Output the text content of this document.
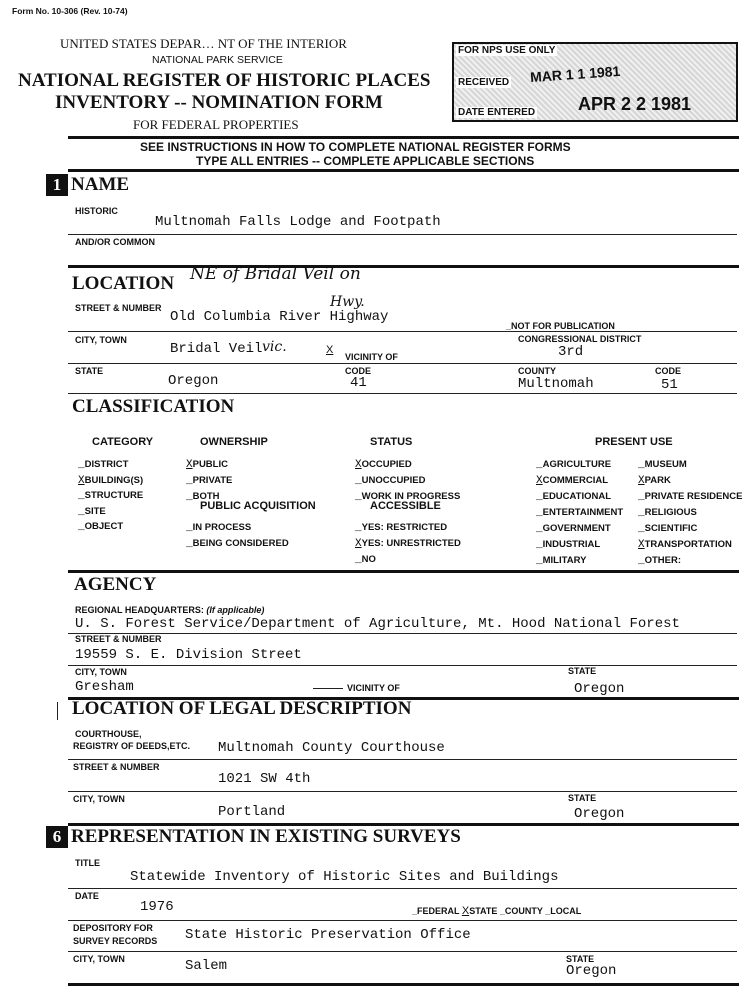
Form No. 10-306 (Rev. 10-74)
UNITED STATES DEPAR… NT OF THE INTERIOR
NATIONAL PARK SERVICE
NATIONAL REGISTER OF HISTORIC PLACES
INVENTORY -- NOMINATION FORM
FOR FEDERAL PROPERTIES
FOR NPS USE ONLY
RECEIVED MAR 1 1 1981
DATE ENTERED APR 2 2 1981
SEE INSTRUCTIONS IN HOW TO COMPLETE NATIONAL REGISTER FORMS
TYPE ALL ENTRIES -- COMPLETE APPLICABLE SECTIONS
1 NAME
HISTORIC
Multnomah Falls Lodge and Footpath
AND/OR COMMON
LOCATION NE of Bridal Veil on
Hwy.
STREET & NUMBER
Old Columbia River Highway
_NOT FOR PUBLICATION
CITY, TOWN
Bridal Veil vic.	X
VICINITY OF
CONGRESSIONAL DISTRICT
3rd
STATE
Oregon
CODE
41
COUNTY
Multnomah
CODE
51
CLASSIFICATION
CATEGORY
_DISTRICT
XBUILDING(S)
_STRUCTURE
_SITE
_OBJECT
OWNERSHIP
XPUBLIC
_PRIVATE
_BOTH
PUBLIC ACQUISITION
_IN PROCESS
_BEING CONSIDERED
STATUS
XOCCUPIED
_UNOCCUPIED
_WORK IN PROGRESS
ACCESSIBLE
_YES: RESTRICTED
XYES: UNRESTRICTED
_NO
PRESENT USE
_AGRICULTURE
XCOMMERCIAL
_EDUCATIONAL
_ENTERTAINMENT
_GOVERNMENT
_INDUSTRIAL
_MILITARY
_MUSEUM
XPARK
_PRIVATE RESIDENCE
_RELIGIOUS
_SCIENTIFIC
XTRANSPORTATION
_OTHER:
AGENCY
REGIONAL HEADQUARTERS: (If applicable)
U. S. Forest Service/Department of Agriculture, Mt. Hood National Forest
STREET & NUMBER
19559 S. E. Division Street
CITY, TOWN
Gresham	VICINITY OF
STATE
Oregon
LOCATION OF LEGAL DESCRIPTION
COURTHOUSE,
REGISTRY OF DEEDS,ETC. Multnomah County Courthouse
STREET & NUMBER
1021 SW 4th
CITY, TOWN
Portland
STATE
Oregon
6 REPRESENTATION IN EXISTING SURVEYS
TITLE
Statewide Inventory of Historic Sites and Buildings
DATE
1976	_FEDERAL XSTATE _COUNTY _LOCAL
DEPOSITORY FOR
SURVEY RECORDS State Historic Preservation Office
CITY, TOWN	Salem	STATE
Oregon
